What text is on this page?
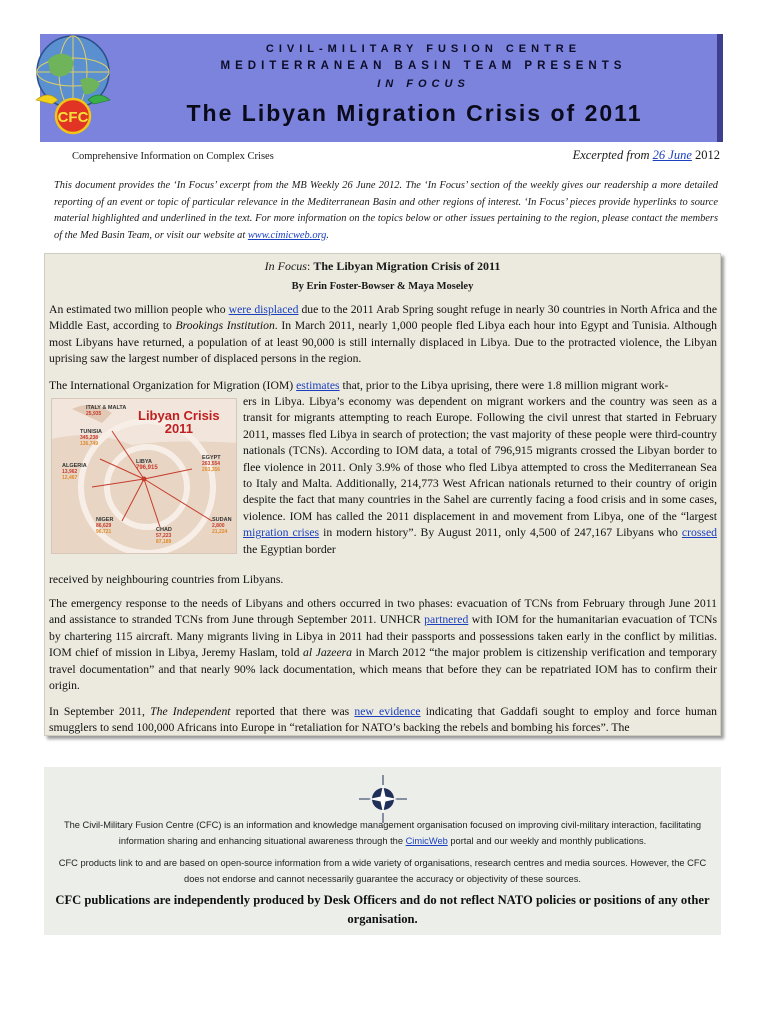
CIVIL-MILITARY FUSION CENTRE
MEDITERRANEAN BASIN TEAM PRESENTS
IN FOCUS
The Libyan Migration Crisis of 2011
CFC
Comprehensive Information on Complex Crises	Excerpted from 26 June 2012
This document provides the ‘In Focus’ excerpt from the MB Weekly 26 June 2012. The ‘In Focus’ section of the weekly gives our readership a more detailed reporting of an event or topic of particular relevance in the Mediterranean Basin and other regions of interest. ‘In Focus’ pieces provide hyperlinks to source material highlighted and underlined in the text. For more information on the topics below or other issues pertaining to the region, please contact the members of the Med Basin Team, or visit our website at www.cimicweb.org.
In Focus: The Libyan Migration Crisis of 2011
By Erin Foster-Bowser & Maya Moseley
An estimated two million people who were displaced due to the 2011 Arab Spring sought refuge in nearly 30 countries in North Africa and the Middle East, according to Brookings Institution. In March 2011, nearly 1,000 people fled Libya each hour into Egypt and Tunisia. Although most Libyans have returned, a population of at least 90,000 is still internally displaced in Libya. Due to the protracted violence, the Libyan uprising saw the largest number of displaced persons in the region.
The International Organization for Migration (IOM) estimates that, prior to the Libya uprising, there were 1.8 million migrant work-
Libyan Crisis
2011
ITALY & MALTA
25,935
TUNISIA
345,238
136,749
ALGERIA
13,962
12,467
LIBYA
796,915
EGYPT
263,554
203,356
NIGER
86,629
96,721	CHAD
57,223
87,189
SUDAN
2,800
21,224
ers in Libya. Libya’s economy was dependent on migrant workers and the country was seen as a transit for migrants attempting to reach Europe. Following the civil unrest that started in February 2011, masses fled Libya in search of protection; the vast majority of these people were third-country nationals (TCNs). According to IOM data, a total of 796,915 migrants crossed the Libyan border to flee violence in 2011. Only 3.9% of those who fled Libya attempted to cross the Mediterranean Sea to Italy and Malta. Additionally, 214,773 West African nationals returned to their country of origin despite the fact that many countries in the Sahel are currently facing a food crisis and in some cases, violence. IOM has called the 2011 displacement in and movement from Libya, one of the “largest migration crises in modern history”. By August 2011, only 4,500 of 247,167 Libyans who crossed the Egyptian border
received by neighbouring countries from Libyans.
The emergency response to the needs of Libyans and others occurred in two phases: evacuation of TCNs from February through June 2011 and assistance to stranded TCNs from June through September 2011. UNHCR partnered with IOM for the humanitarian evacuation of TCNs by chartering 115 aircraft. Many migrants living in Libya in 2011 had their passports and possessions taken early in the conflict by militias. IOM chief of mission in Libya, Jeremy Haslam, told al Jazeera in March 2012 “the major problem is citizenship verification and temporary travel documentation” and that nearly 90% lack documentation, which means that before they can be repatriated IOM has to confirm their origin.
In September 2011, The Independent reported that there was new evidence indicating that Gaddafi sought to employ and force human smugglers to send 100,000 Africans into Europe in “retaliation for NATO’s backing the rebels and bombing his forces”. The
The Civil-Military Fusion Centre (CFC) is an information and knowledge management organisation focused on improving civil-military interaction, facilitating information sharing and enhancing situational awareness through the CimicWeb portal and our weekly and monthly publications.
CFC products link to and are based on open-source information from a wide variety of organisations, research centres and media sources. However, the CFC does not endorse and cannot necessarily guarantee the accuracy or objectivity of these sources.
CFC publications are independently produced by Desk Officers and do not reflect NATO policies or positions of any other organisation.
